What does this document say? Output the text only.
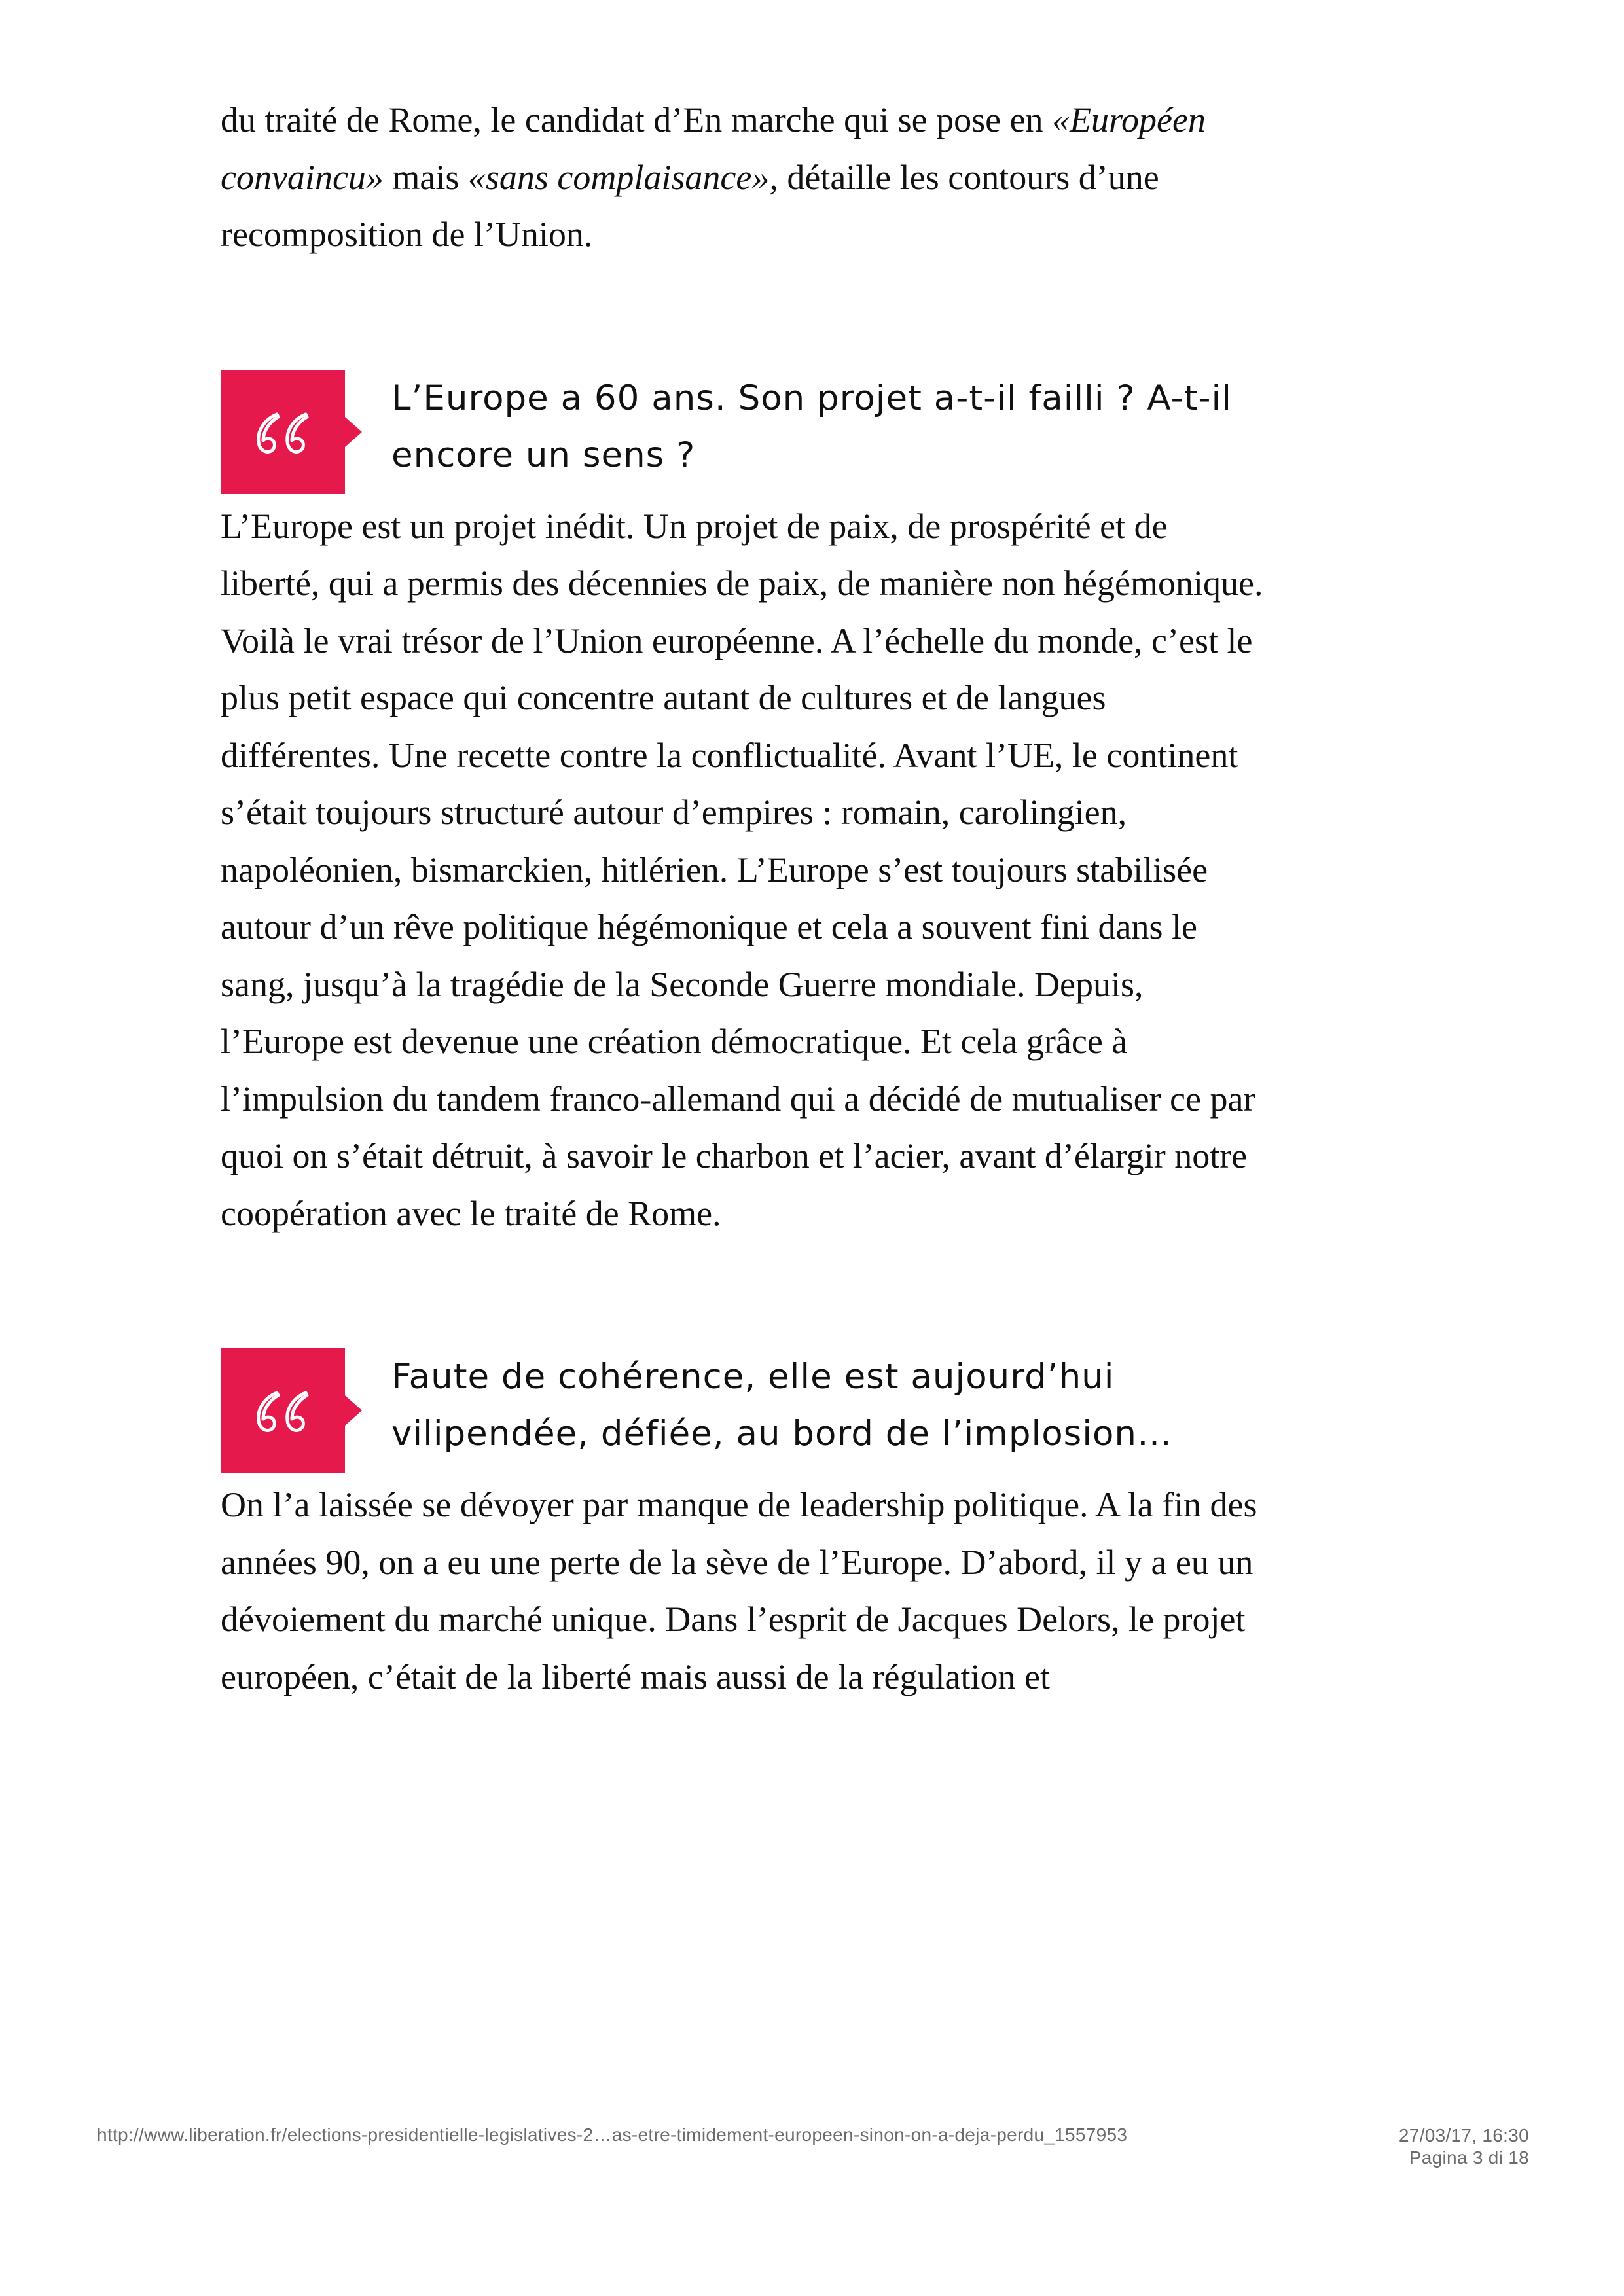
du traité de Rome, le candidat d’En marche qui se pose en «Européen convaincu» mais «sans complaisance», détaille les contours d’une recomposition de l’Union.

L’Europe a 60 ans. Son projet a-t-il failli ? A-t-il encore un sens ?

L’Europe est un projet inédit. Un projet de paix, de prospérité et de liberté, qui a permis des décennies de paix, de manière non hégémonique. Voilà le vrai trésor de l’Union européenne. A l’échelle du monde, c’est le plus petit espace qui concentre autant de cultures et de langues différentes. Une recette contre la conflictualité. Avant l’UE, le continent s’était toujours structuré autour d’empires : romain, carolingien, napoléonien, bismarckien, hitlérien. L’Europe s’est toujours stabilisée autour d’un rêve politique hégémonique et cela a souvent fini dans le sang, jusqu’à la tragédie de la Seconde Guerre mondiale. Depuis, l’Europe est devenue une création démocratique. Et cela grâce à l’impulsion du tandem franco-allemand qui a décidé de mutualiser ce par quoi on s’était détruit, à savoir le charbon et l’acier, avant d’élargir notre coopération avec le traité de Rome.

Faute de cohérence, elle est aujourd’hui vilipendée, défiée, au bord de l’implosion…

On l’a laissée se dévoyer par manque de leadership politique. A la fin des années 90, on a eu une perte de la sève de l’Europe. D’abord, il y a eu un dévoiement du marché unique. Dans l’esprit de Jacques Delors, le projet européen, c’était de la liberté mais aussi de la régulation et

http://www.liberation.fr/elections-presidentielle-legislatives-2…as-etre-timidement-europeen-sinon-on-a-deja-perdu_1557953	27/03/17, 16:30
Pagina 3 di 18
